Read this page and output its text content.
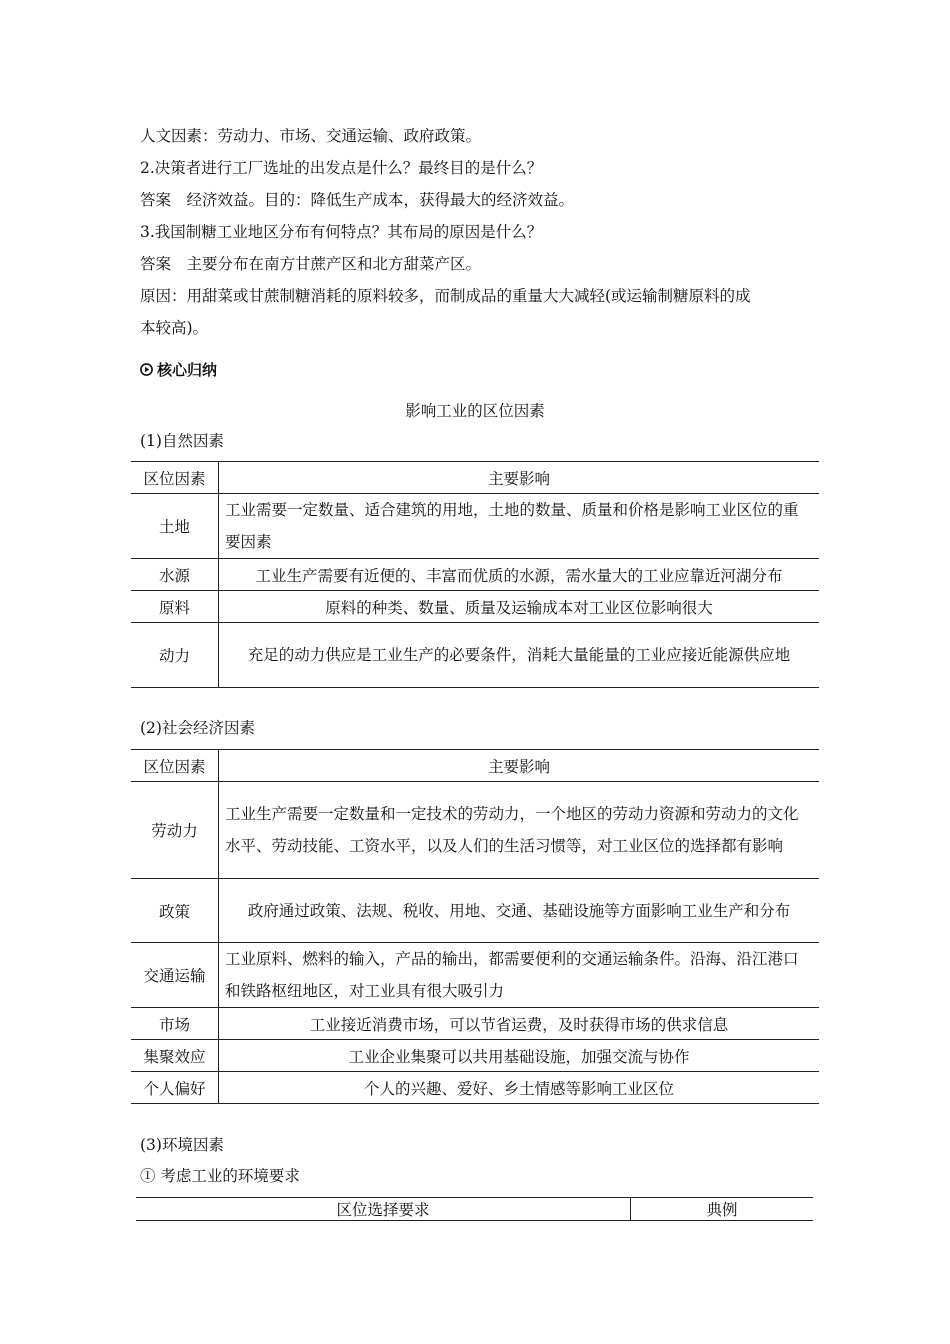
人文因素：劳动力、市场、交通运输、政府政策。
2.决策者进行工厂选址的出发点是什么？最终目的是什么？
答案　经济效益。目的：降低生产成本，获得最大的经济效益。
3.我国制糖工业地区分布有何特点？其布局的原因是什么？
答案　主要分布在南方甘蔗产区和北方甜菜产区。
原因：用甜菜或甘蔗制糖消耗的原料较多，而制成品的重量大大减轻(或运输制糖原料的成
本较高)。
核心归纳
影响工业的区位因素
(1)自然因素
区位因素	主要影响
土地	工业需要一定数量、适合建筑的用地，土地的数量、质量和价格是影响工业区位的重要因素
水源	工业生产需要有近便的、丰富而优质的水源，需水量大的工业应靠近河湖分布
原料	原料的种类、数量、质量及运输成本对工业区位影响很大
动力	充足的动力供应是工业生产的必要条件，消耗大量能量的工业应接近能源供应地
(2)社会经济因素
区位因素	主要影响
劳动力	工业生产需要一定数量和一定技术的劳动力，一个地区的劳动力资源和劳动力的文化水平、劳动技能、工资水平，以及人们的生活习惯等，对工业区位的选择都有影响
政策	政府通过政策、法规、税收、用地、交通、基础设施等方面影响工业生产和分布
交通运输	工业原料、燃料的输入，产品的输出，都需要便利的交通运输条件。沿海、沿江港口和铁路枢纽地区，对工业具有很大吸引力
市场	工业接近消费市场，可以节省运费，及时获得市场的供求信息
集聚效应	工业企业集聚可以共用基础设施，加强交流与协作
个人偏好	个人的兴趣、爱好、乡土情感等影响工业区位
(3)环境因素
① 考虑工业的环境要求
区位选择要求	典例
